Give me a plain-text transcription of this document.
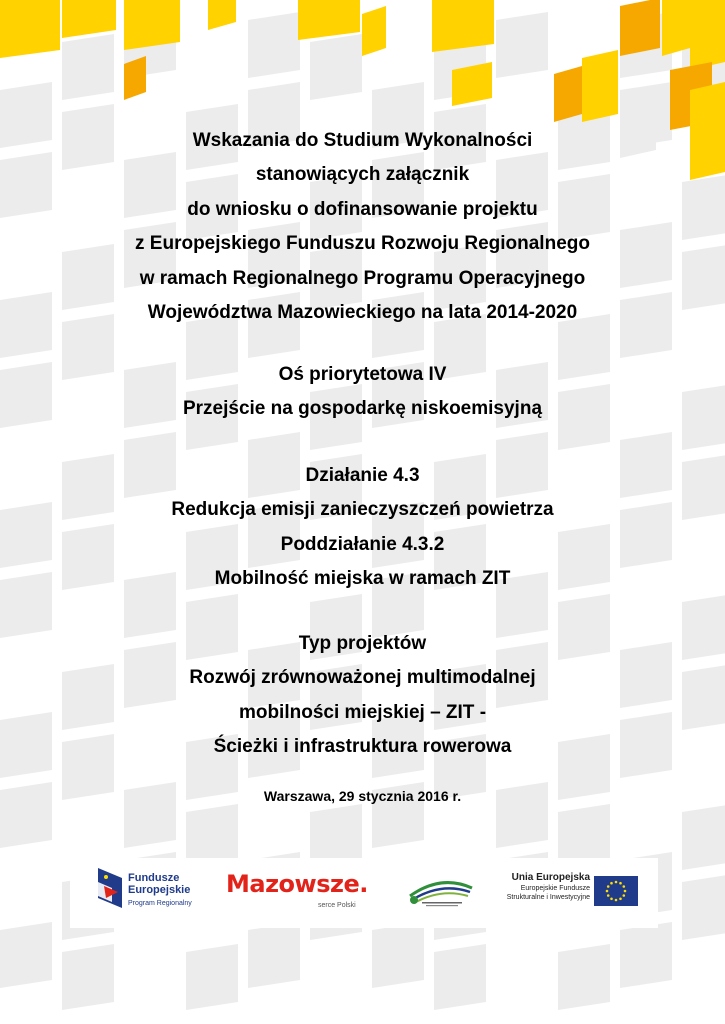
Wskazania do Studium Wykonalności
stanowiących załącznik
do wniosku o dofinansowanie projektu
z Europejskiego Funduszu Rozwoju Regionalnego
w ramach Regionalnego Programu Operacyjnego
Województwa Mazowieckiego na lata 2014-2020
Oś priorytetowa IV
Przejście na gospodarkę niskoemisyjną
Działanie 4.3
Redukcja emisji zanieczyszczeń powietrza
Poddziałanie 4.3.2
Mobilność miejska w ramach ZIT
Typ projektów
Rozwój zrównoważonej multimodalnej
mobilności miejskiej – ZIT -
Ścieżki i infrastruktura rowerowa
Warszawa, 29 stycznia 2016 r.
Fundusze
Europejskie
Program Regionalny
Mazowsze.
serce Polski
Unia Europejska
Europejskie Fundusze
Strukturalne i Inwestycyjne
